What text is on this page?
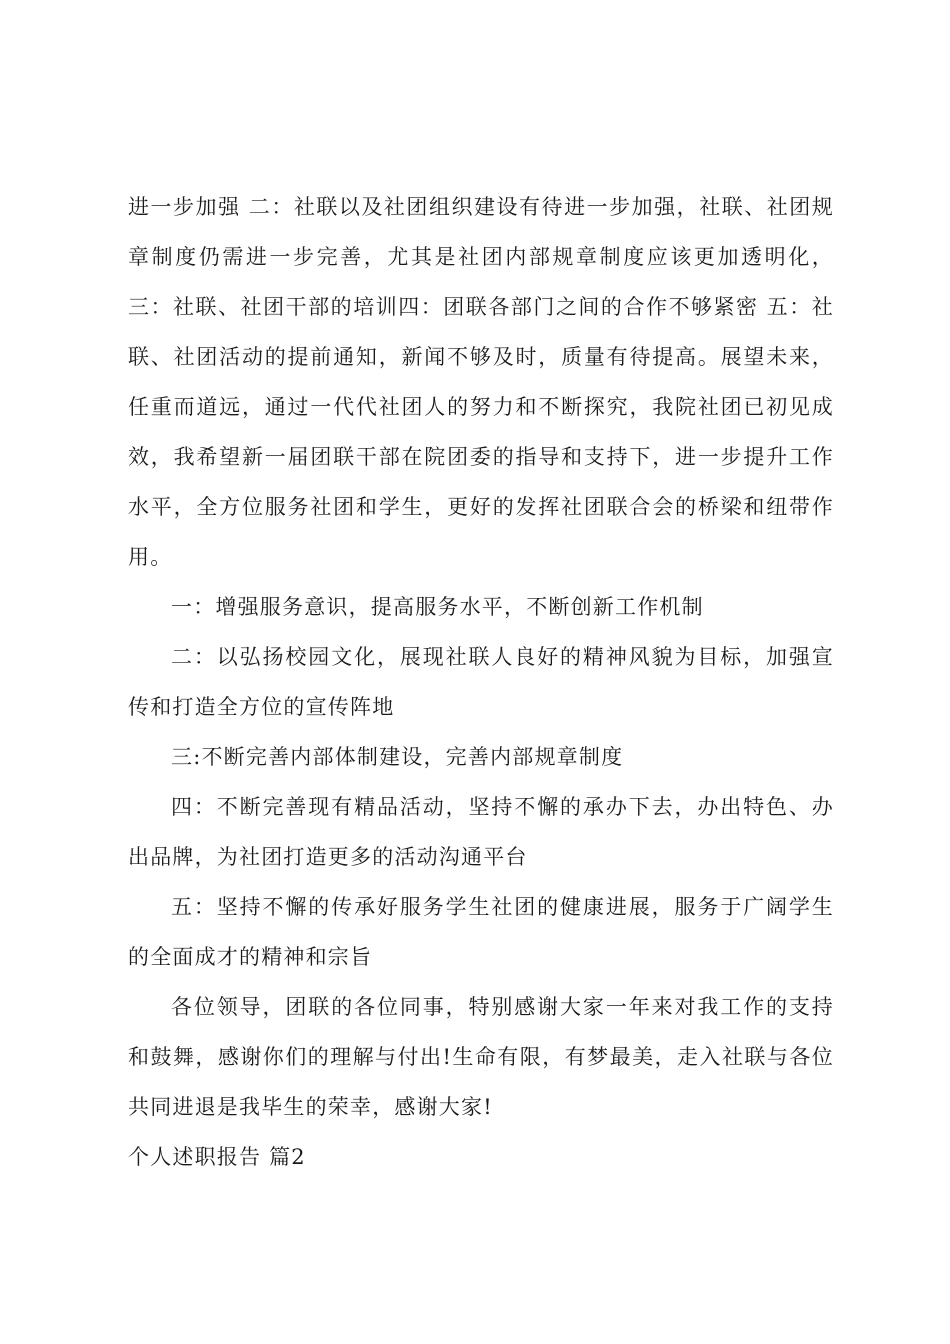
进一步加强 二：社联以及社团组织建设有待进一步加强，社联、社团规章制度仍需进一步完善，尤其是社团内部规章制度应该更加透明化，三：社联、社团干部的培训四：团联各部门之间的合作不够紧密 五：社联、社团活动的提前通知，新闻不够及时，质量有待提高。展望未来，任重而道远，通过一代代社团人的努力和不断探究，我院社团已初见成效，我希望新一届团联干部在院团委的指导和支持下，进一步提升工作水平，全方位服务社团和学生，更好的发挥社团联合会的桥梁和纽带作用。

一：增强服务意识，提高服务水平，不断创新工作机制

二：以弘扬校园文化，展现社联人良好的精神风貌为目标，加强宣传和打造全方位的宣传阵地

三:不断完善内部体制建设，完善内部规章制度

四：不断完善现有精品活动，坚持不懈的承办下去，办出特色、办出品牌，为社团打造更多的活动沟通平台

五：坚持不懈的传承好服务学生社团的健康进展，服务于广阔学生的全面成才的精神和宗旨

各位领导，团联的各位同事，特别感谢大家一年来对我工作的支持和鼓舞，感谢你们的理解与付出!生命有限，有梦最美，走入社联与各位共同进退是我毕生的荣幸，感谢大家!

个人述职报告 篇2
